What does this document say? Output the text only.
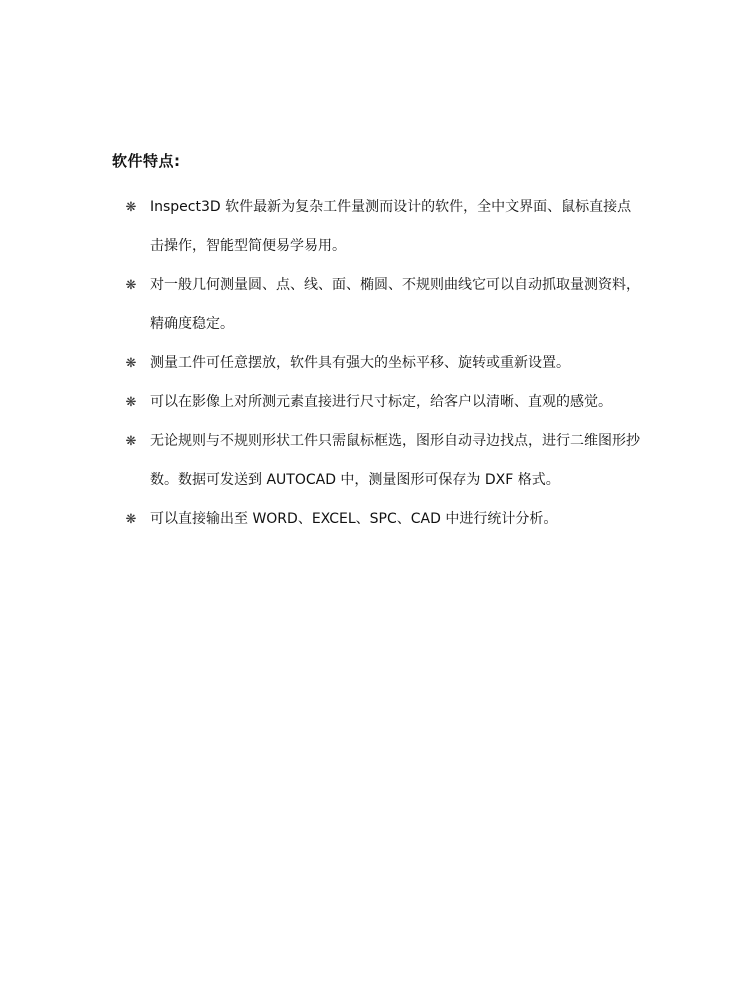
软件特点:
❋ Inspect3D 软件最新为复杂工件量测而设计的软件，全中文界面、鼠标直接点击操作，智能型简便易学易用。
❋ 对一般几何测量圆、点、线、面、椭圆、不规则曲线它可以自动抓取量测资料，精确度稳定。
❋ 测量工件可任意摆放，软件具有强大的坐标平移、旋转或重新设置。
❋ 可以在影像上对所测元素直接进行尺寸标定，给客户以清晰、直观的感觉。
❋ 无论规则与不规则形状工件只需鼠标框选，图形自动寻边找点，进行二维图形抄数。数据可发送到 AUTOCAD 中，测量图形可保存为 DXF 格式。
❋ 可以直接输出至 WORD、EXCEL、SPC、CAD 中进行统计分析。
